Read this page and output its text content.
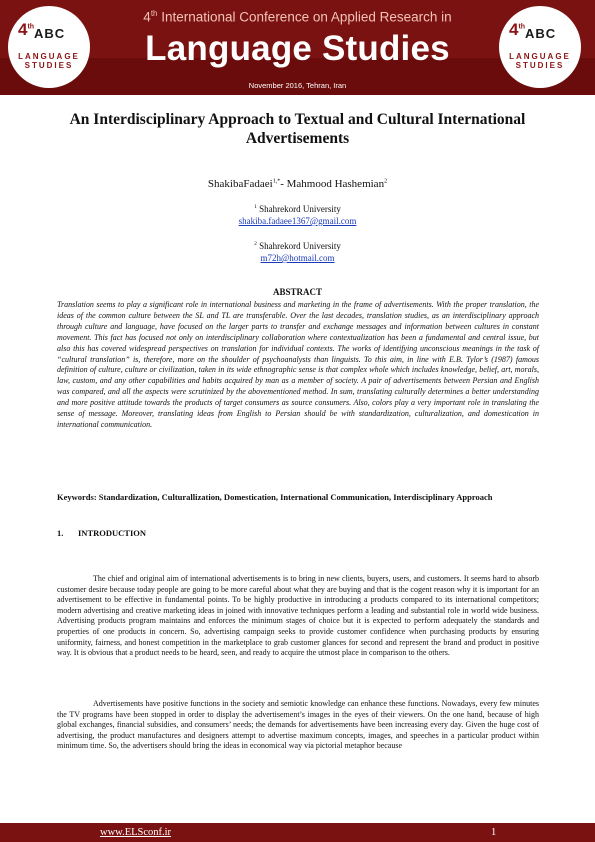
4th ABC
LANGUAGE
STUDIES
www.elsconf.ir
4th International Conference on Applied Research in
Language Studies
November 2016, Tehran, Iran
4th ABC
LANGUAGE
STUDIES
www.elsconf.ir
An Interdisciplinary Approach to Textual and Cultural International Advertisements
ShakibaFadaei$^{1,*}$- Mahmood Hashemian$^2$
$^1$ Shahrekord University
shakiba.fadaee1367@gmail.com
$^2$ Shahrekord University
m72h@hotmail.com
ABSTRACT

Translation seems to play a significant role in international business and marketing in the frame of advertisements. With the proper translation, the ideas of the common culture between the SL and TL are transferable. Over the last decades, translation studies, as an interdisciplinary approach through culture and language, have focused on the larger parts to transfer and exchange messages and information between cultures in constant movement. This fact has focused not only on interdisciplinary collaboration where contextualization has been a fundamental and central issue, but also this has covered widespread perspectives on translation for individual contexts. The works of identifying unconscious meanings in the task of “cultural translation” is, therefore, more on the shoulder of psychoanalysts than linguists. To this aim, in line with E.B. Tylor’s (1987) famous definition of culture, culture or civilization, taken in its wide ethnographic sense is that complex whole which includes knowledge, belief, art, morals, law, custom, and any other capabilities and habits acquired by man as a member of society. A pair of advertisements between Persian and English was compared, and all the aspects were scrutinized by the abovementioned method. In sum, translating culturally determines a better understanding and more positive attitude towards the products of target consumers as source consumers. Also, colors play a very important role in translating the sense of message. Moreover, translating ideas from English to Persian should be with standardization, culturalization, and domestication in international communication.

Keywords: Standardization, Culturallization, Domestication, International Communication, Interdisciplinary Approach

1. INTRODUCTION

The chief and original aim of international advertisements is to bring in new clients, buyers, users, and customers. It seems hard to absorb customer desire because today people are going to be more careful about what they are buying and that is the cogent reason why it is important for an advertisement to be effective in fundamental points. To be highly productive in introducing a products compared to its international competitors; modern advertising and creative marketing ideas in joined with innovative techniques perform a leading and substantial role in world wide business. Advertising products program maintains and enforces the minimum stages of choice but it is expected to perform adequately the standards and properties of one products in concern. So, advertising campaign seeks to provide customer confidence when purchasing products by ensuring uniformity, fairness, and honest competition in the marketplace to grab customer glances for second and represent the brand and product in positive way. It is obvious that a product needs to be heard, seen, and ready to acquire the utmost place in comparison to the others.

Advertisements have positive functions in the society and semiotic knowledge can enhance these functions. Nowadays, every few minutes the TV programs have been stopped in order to display the advertisement’s images in the eyes of their viewers. On the one hand, because of high global exchanges, financial subsidies, and consumers’ needs; the demands for advertisements have been increasing every day. Given the huge cost of advertising, the product manufactures and designers attempt to advertise maximum concepts, images, and speeches in a particular product within minimum time. So, the advertisers should bring the ideas in economical way via pictorial metaphor because

www.ELSconf.ir	1
